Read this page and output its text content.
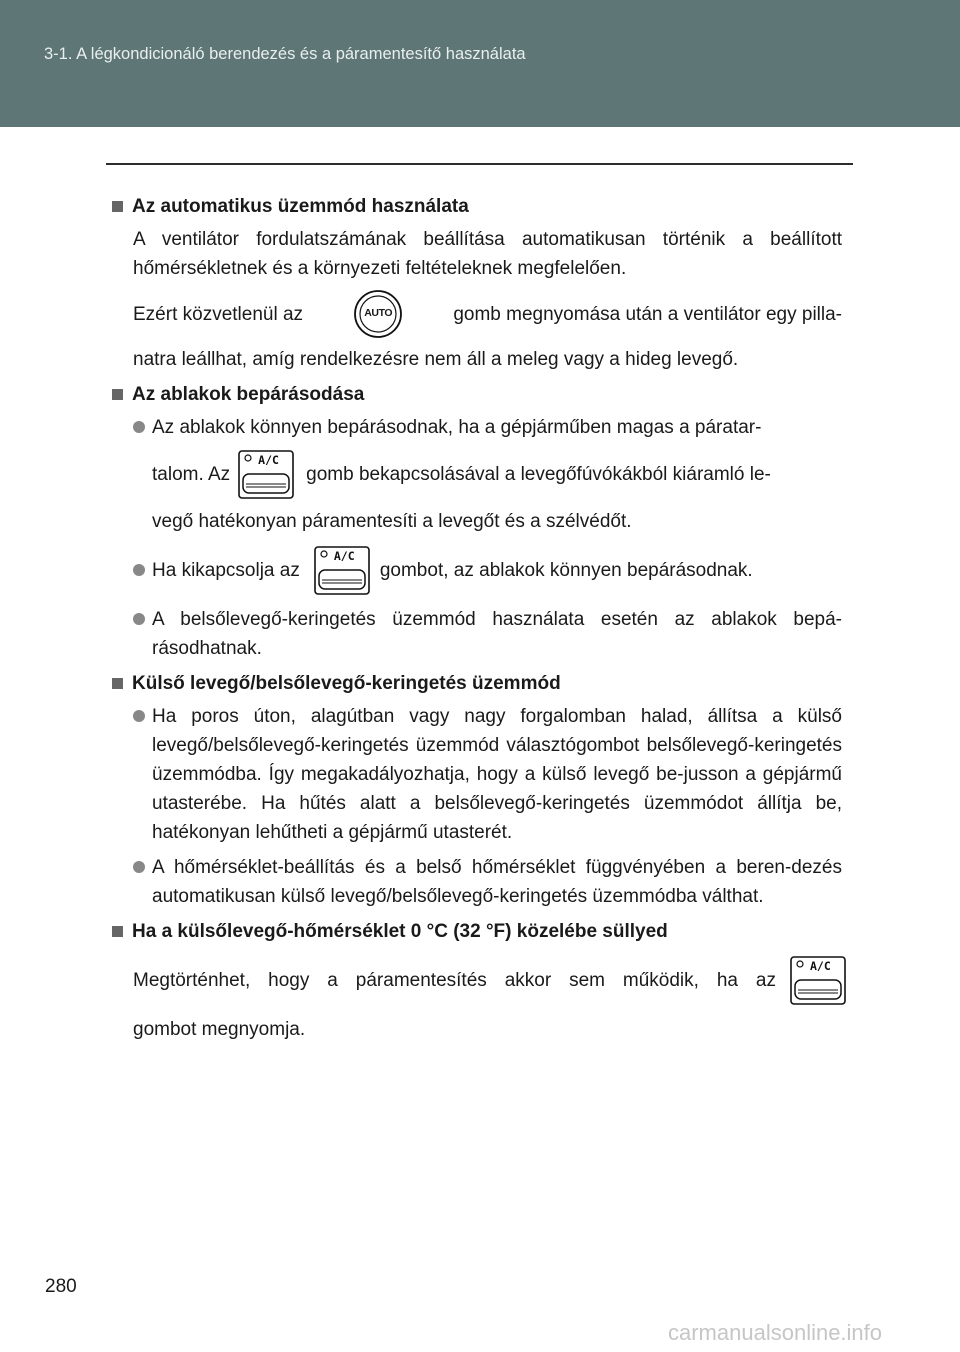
3-1. A légkondicionáló berendezés és a páramentesítő használata
Az automatikus üzemmód használata

A ventilátor fordulatszámának beállítása automatikusan történik a beállított hőmérsékletnek és a környezeti feltételeknek megfelelően.

Ezért közvetlenül az	AUTO	gomb megnyomása után a ventilátor egy pilla-

natra leállhat, amíg rendelkezésre nem áll a meleg vagy a hideg levegő.

Az ablakok bepárásodása
Az ablakok könnyen bepárásodnak, ha a gépjárműben magas a páratar-
talom. Az
A/C
gomb bekapcsolásával a levegőfúvókákból kiáramló le-
vegő hatékonyan páramentesíti a levegőt és a szélvédőt.
Ha kikapcsolja az
A/C
gombot, az ablakok könnyen bepárásodnak.
A belsőlevegő-keringetés üzemmód használata esetén az ablakok bepá-rásodhatnak.
Külső levegő/belsőlevegő-keringetés üzemmód
Ha poros úton, alagútban vagy nagy forgalomban halad, állítsa a külső levegő/belsőlevegő-keringetés üzemmód választógombot belsőlevegő-keringetés üzemmódba. Így megakadályozhatja, hogy a külső levegő be-jusson a gépjármű utasterébe. Ha hűtés alatt a belsőlevegő-keringetés üzemmódot állítja be, hatékonyan lehűtheti a gépjármű utasterét.
A hőmérséklet-beállítás és a belső hőmérséklet függvényében a beren-dezés automatikusan külső levegő/belsőlevegő-keringetés üzemmódba válthat.
Ha a külsőlevegő-hőmérséklet 0 °C (32 °F) közelébe süllyed
Megtörténhet, hogy a páramentesítés akkor sem működik, ha az
A/C

gombot megnyomja.

280
carmanualsonline.info
